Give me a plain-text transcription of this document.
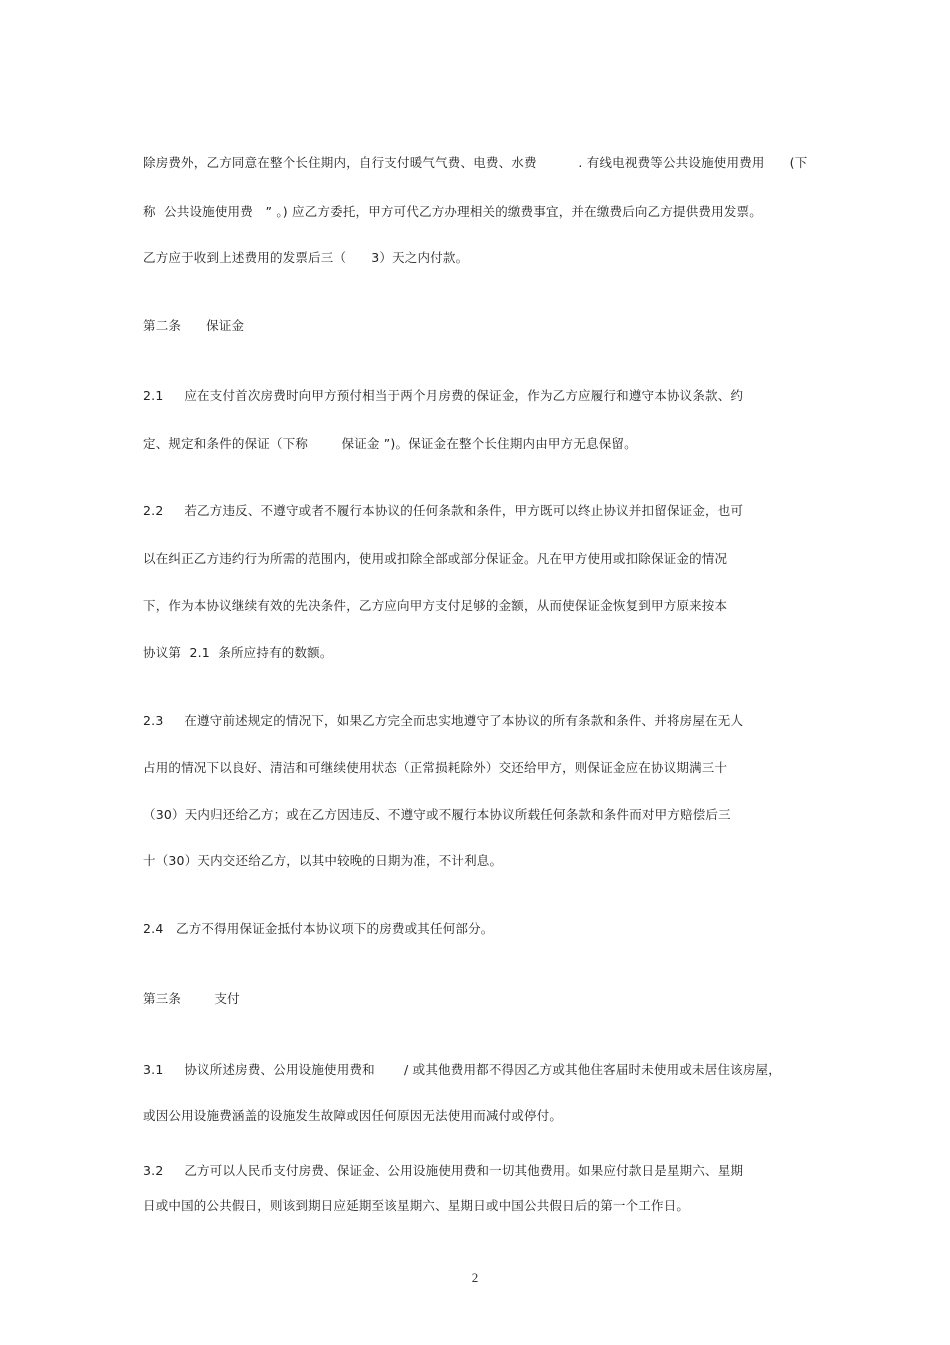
除房费外，乙方同意在整个长住期内，自行支付暖气气费、电费、水费          . 有线电视费等公共设施使用费用      (下
称  公共设施使用费   ” 。) 应乙方委托，甲方可代乙方办理相关的缴费事宜，并在缴费后向乙方提供费用发票。
乙方应于收到上述费用的发票后三（      3）天之内付款。
第二条      保证金
2.1     应在支付首次房费时向甲方预付相当于两个月房费的保证金，作为乙方应履行和遵守本协议条款、约
定、规定和条件的保证（下称        保证金 ”)。保证金在整个长住期内由甲方无息保留。
2.2     若乙方违反、不遵守或者不履行本协议的任何条款和条件，甲方既可以终止协议并扣留保证金，也可
以在纠正乙方违约行为所需的范围内，使用或扣除全部或部分保证金。凡在甲方使用或扣除保证金的情况
下，作为本协议继续有效的先决条件，乙方应向甲方支付足够的金额，从而使保证金恢复到甲方原来按本
协议第  2.1  条所应持有的数额。
2.3     在遵守前述规定的情况下，如果乙方完全而忠实地遵守了本协议的所有条款和条件、并将房屋在无人
占用的情况下以良好、清洁和可继续使用状态（正常损耗除外）交还给甲方，则保证金应在协议期满三十
（30）天内归还给乙方；或在乙方因违反、不遵守或不履行本协议所载任何条款和条件而对甲方赔偿后三
十（30）天内交还给乙方，以其中较晚的日期为准，不计利息。
2.4   乙方不得用保证金抵付本协议项下的房费或其任何部分。
第三条        支付
3.1     协议所述房费、公用设施使用费和       / 或其他费用都不得因乙方或其他住客届时未使用或未居住该房屋，
或因公用设施费涵盖的设施发生故障或因任何原因无法使用而减付或停付。
3.2     乙方可以人民币支付房费、保证金、公用设施使用费和一切其他费用。如果应付款日是星期六、星期
日或中国的公共假日，则该到期日应延期至该星期六、星期日或中国公共假日后的第一个工作日。
2
